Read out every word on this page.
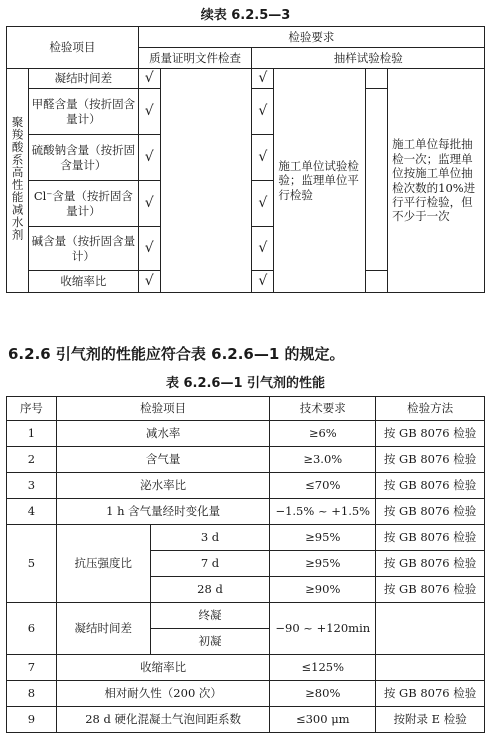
续表 6.2.5—3
检验项目		检验要求					
		质量证明文件检查		抽样试验检验			
聚羧酸系高性能减水剂	凝结时间差	√		√	施工单位试验检验；监理单位平行检验		施工单位每批抽检一次；监理单位按施工单位抽检次数的10%进行平行检验，但不少于一次
	甲醛含量（按折固含量计）	√		√			
	硫酸钠含量（按折固含量计）	√		√			
	Cl⁻含量（按折固含量计）	√		√			
	碱含量（按折固含量计）	√		√			
	收缩率比	√		√			
6.2.6 引气剂的性能应符合表 6.2.6—1 的规定。
表 6.2.6—1 引气剂的性能
序号	检验项目		技术要求	检验方法
1	减水率		≥6%	按 GB 8076 检验
2	含气量		≥3.0%	按 GB 8076 检验
3	泌水率比		≤70%	按 GB 8076 检验
4	1 h 含气量经时变化量		−1.5% ~ +1.5%	按 GB 8076 检验
5	抗压强度比	3 d	≥95%	按 GB 8076 检验
		7 d	≥95%	按 GB 8076 检验
		28 d	≥90%	按 GB 8076 检验
6	凝结时间差	终凝	−90 ~ +120min	
		初凝		
7	收缩率比		≤125%	
8	相对耐久性（200 次）		≥80%	按 GB 8076 检验
9	28 d 硬化混凝土气泡间距系数		≤300 μm	按附录 E 检验
